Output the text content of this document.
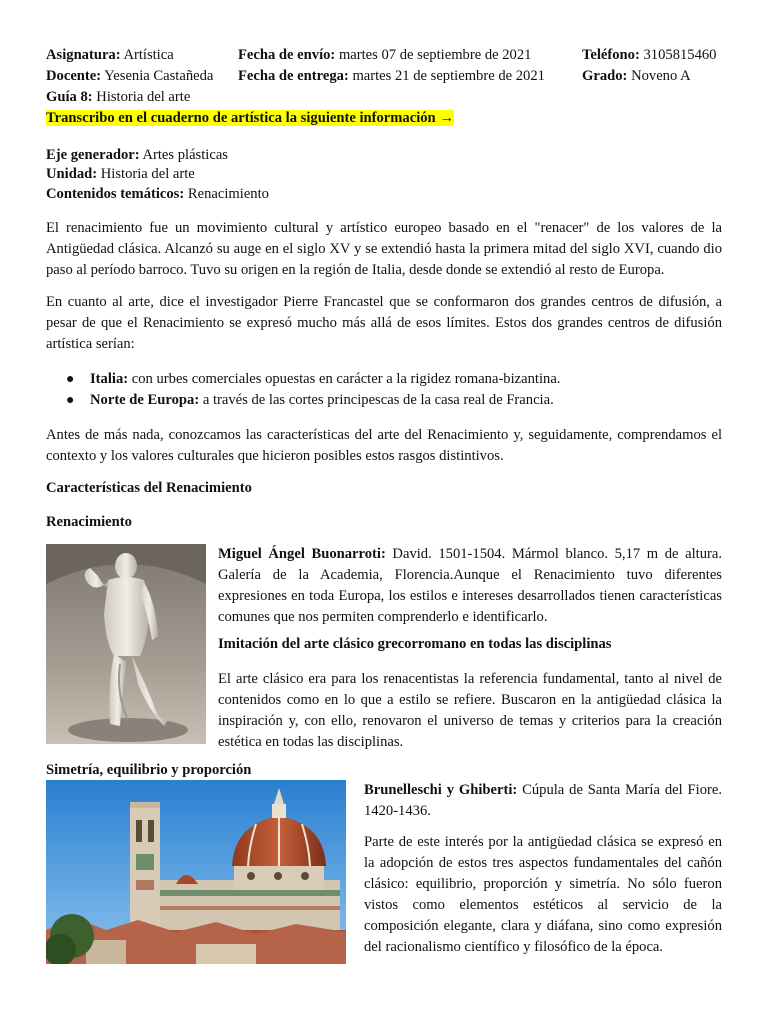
Asignatura: Artística	Fecha de envío: martes 07 de septiembre de 2021	Teléfono: 3105815460
Docente: Yesenia Castañeda Fecha de entrega: martes 21 de septiembre de 2021	Grado: Noveno A
Guía 8: Historia del arte
Transcribo en el cuaderno de artística la siguiente información →
Eje generador: Artes plásticas
Unidad: Historia del arte
Contenidos temáticos: Renacimiento

El renacimiento fue un movimiento cultural y artístico europeo basado en el "renacer" de los valores de la Antigüedad clásica. Alcanzó su auge en el siglo XV y se extendió hasta la primera mitad del siglo XVI, cuando dio paso al período barroco. Tuvo su origen en la región de Italia, desde donde se extendió al resto de Europa.

En cuanto al arte, dice el investigador Pierre Francastel que se conformaron dos grandes centros de difusión, a pesar de que el Renacimiento se expresó mucho más allá de esos límites. Estos dos grandes centros de difusión artística serían:

● Italia: con urbes comerciales opuestas en carácter a la rigidez romana-bizantina.
● Norte de Europa: a través de las cortes principescas de la casa real de Francia.

Antes de más nada, conozcamos las características del arte del Renacimiento y, seguidamente, comprendamos el contexto y los valores culturales que hicieron posibles estos rasgos distintivos.

Características del Renacimiento
Renacimiento
Miguel Ángel Buonarroti: David. 1501-1504. Mármol blanco. 5,17 m de altura. Galería de la Academia, Florencia.Aunque el Renacimiento tuvo diferentes expresiones en toda Europa, los estilos e intereses desarrollados tienen características comunes que nos permiten comprenderlo e identificarlo.
Imitación del arte clásico grecorromano en todas las disciplinas

El arte clásico era para los renacentistas la referencia fundamental, tanto al nivel de contenidos como en lo que a estilo se refiere. Buscaron en la antigüedad clásica la inspiración y, con ello, renovaron el universo de temas y criterios para la creación estética en todas las disciplinas.

Simetría, equilibrio y proporción
Brunelleschi y Ghiberti: Cúpula de Santa María del Fiore. 1420-1436.

Parte de este interés por la antigüedad clásica se expresó en la adopción de estos tres aspectos fundamentales del cañón clásico: equilibrio, proporción y simetría. No sólo fueron vistos como elementos estéticos al servicio de la composición elegante, clara y diáfana, sino como expresión del racionalismo científico y filosófico de la época.
